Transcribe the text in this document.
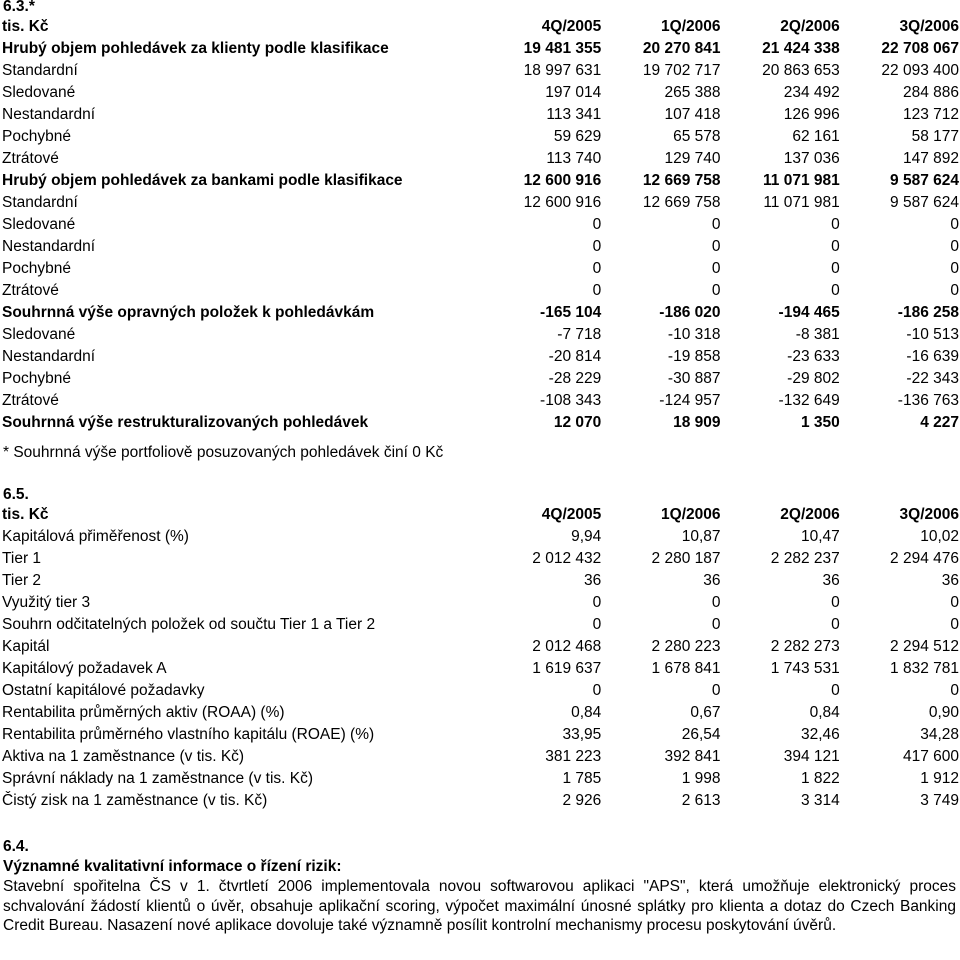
6.3.*
tis. Kč	4Q/2005	1Q/2006	2Q/2006	3Q/2006
Hrubý objem pohledávek za klienty podle klasifikace	19 481 355	20 270 841	21 424 338	22 708 067
Standardní	18 997 631	19 702 717	20 863 653	22 093 400
Sledované	197 014	265 388	234 492	284 886
Nestandardní	113 341	107 418	126 996	123 712
Pochybné	59 629	65 578	62 161	58 177
Ztrátové	113 740	129 740	137 036	147 892
Hrubý objem pohledávek za bankami podle klasifikace	12 600 916	12 669 758	11 071 981	9 587 624
Standardní	12 600 916	12 669 758	11 071 981	9 587 624
Sledované	0	0	0	0
Nestandardní	0	0	0	0
Pochybné	0	0	0	0
Ztrátové	0	0	0	0
Souhrnná výše opravných položek k pohledávkám	-165 104	-186 020	-194 465	-186 258
Sledované	-7 718	-10 318	-8 381	-10 513
Nestandardní	-20 814	-19 858	-23 633	-16 639
Pochybné	-28 229	-30 887	-29 802	-22 343
Ztrátové	-108 343	-124 957	-132 649	-136 763
Souhrnná výše restrukturalizovaných pohledávek	12 070	18 909	1 350	4 227
* Souhrnná výše portfoliově posuzovaných pohledávek činí 0 Kč
6.5.
tis. Kč	4Q/2005	1Q/2006	2Q/2006	3Q/2006
Kapitálová přiměřenost (%)	9,94	10,87	10,47	10,02
Tier 1	2 012 432	2 280 187	2 282 237	2 294 476
Tier 2	36	36	36	36
Využitý tier 3	0	0	0	0
Souhrn odčitatelných položek od součtu Tier 1 a Tier 2	0	0	0	0
Kapitál	2 012 468	2 280 223	2 282 273	2 294 512
Kapitálový požadavek A	1 619 637	1 678 841	1 743 531	1 832 781
Ostatní kapitálové požadavky	0	0	0	0
Rentabilita průměrných aktiv (ROAA) (%)	0,84	0,67	0,84	0,90
Rentabilita průměrného vlastního kapitálu (ROAE) (%)	33,95	26,54	32,46	34,28
Aktiva na 1 zaměstnance (v tis. Kč)	381 223	392 841	394 121	417 600
Správní náklady na 1 zaměstnance (v tis. Kč)	1 785	1 998	1 822	1 912
Čistý zisk na 1 zaměstnance (v tis. Kč)	2 926	2 613	3 314	3 749
6.4.
Významné kvalitativní informace o řízení rizik:
Stavební spořitelna ČS v 1. čtvrtletí 2006 implementovala novou softwarovou aplikaci "APS", která umožňuje elektronický proces schvalování žádostí klientů o úvěr, obsahuje aplikační scoring, výpočet maximální únosné splátky pro klienta a dotaz do Czech Banking Credit Bureau. Nasazení nové aplikace dovoluje také významně posílit kontrolní mechanismy procesu poskytování úvěrů.
